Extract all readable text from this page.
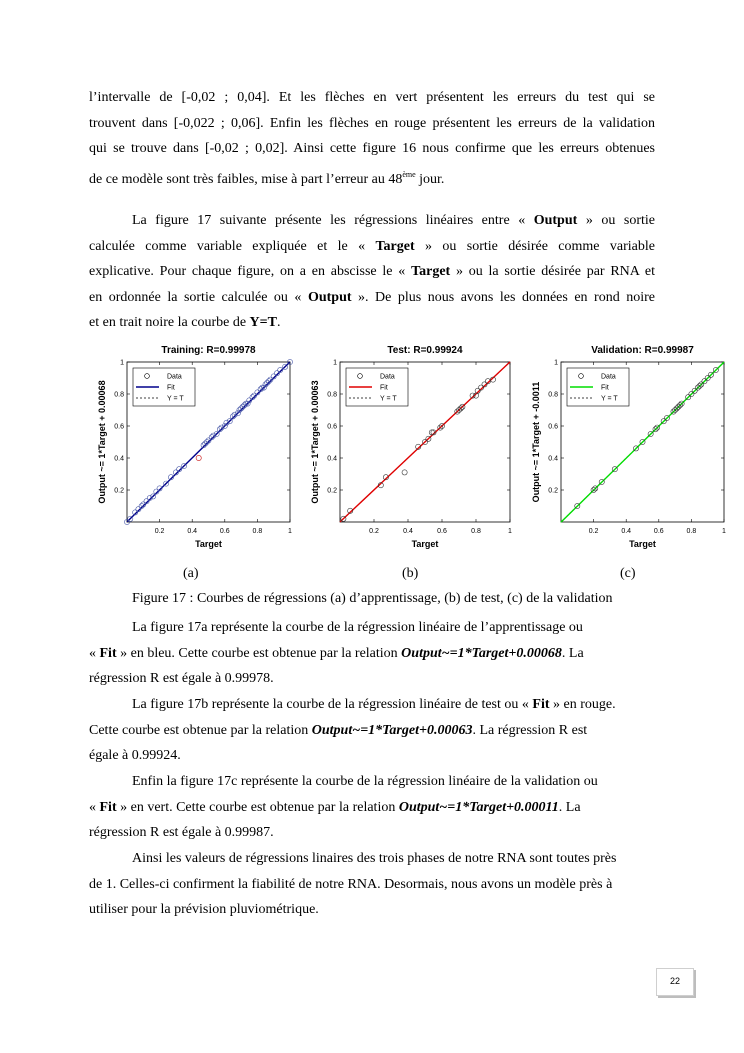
l’intervalle de [-0,02 ; 0,04]. Et les flèches en vert présentent les erreurs du test qui se
trouvent dans [-0,022 ; 0,06]. Enfin les flèches en rouge présentent les erreurs de la validation
qui se trouve dans [-0,02 ; 0,02]. Ainsi cette figure 16 nous confirme que les erreurs obtenues
de ce modèle sont très faibles, mise à part l’erreur au 48ème jour.
La figure 17 suivante présente les régressions linéaires entre « Output » ou sortie
calculée comme variable expliquée et le « Target » ou sortie désirée comme variable
explicative. Pour chaque figure, on a en abscisse le « Target » ou la sortie désirée par RNA et
en ordonnée la sortie calculée ou « Output ». De plus nous avons les données en rond noire
et en trait noire la courbe de Y=T.
Training: R=0.99978
0.2
0.2
0.4
0.4
0.6
0.6
0.8
0.8
1
1
Data
Fit
Y = T
Target
Output ~= 1*Target + 0.00068
Test: R=0.99924
0.2
0.2
0.4
0.4
0.6
0.6
0.8
0.8
1
1
Data
Fit
Y = T
Target
Output ~= 1*Target + 0.00063
Validation: R=0.99987
0.2
0.2
0.4
0.4
0.6
0.6
0.8
0.8
1
1
Data
Fit
Y = T
Target
Output ~= 1*Target + -0.0011
(a)	(b)	(c)
Figure 17 : Courbes de régressions (a) d’apprentissage, (b) de test, (c) de la validation
La figure 17a représente la courbe de la régression linéaire de l’apprentissage ou
« Fit » en bleu. Cette courbe est obtenue par la relation Output~=1*Target+0.00068. La
régression R est égale à 0.99978.
La figure 17b représente la courbe de la régression linéaire de test ou « Fit » en rouge.
Cette courbe est obtenue par la relation Output~=1*Target+0.00063. La régression R est
égale à 0.99924.
Enfin la figure 17c représente la courbe de la régression linéaire de la validation ou
« Fit » en vert. Cette courbe est obtenue par la relation Output~=1*Target+0.00011. La
régression R est égale à 0.99987.
Ainsi les valeurs de régressions linaires des trois phases de notre RNA sont toutes près
de 1. Celles-ci confirment la fiabilité de notre RNA. Desormais, nous avons un modèle près à
utiliser pour la prévision pluviométrique.
22
